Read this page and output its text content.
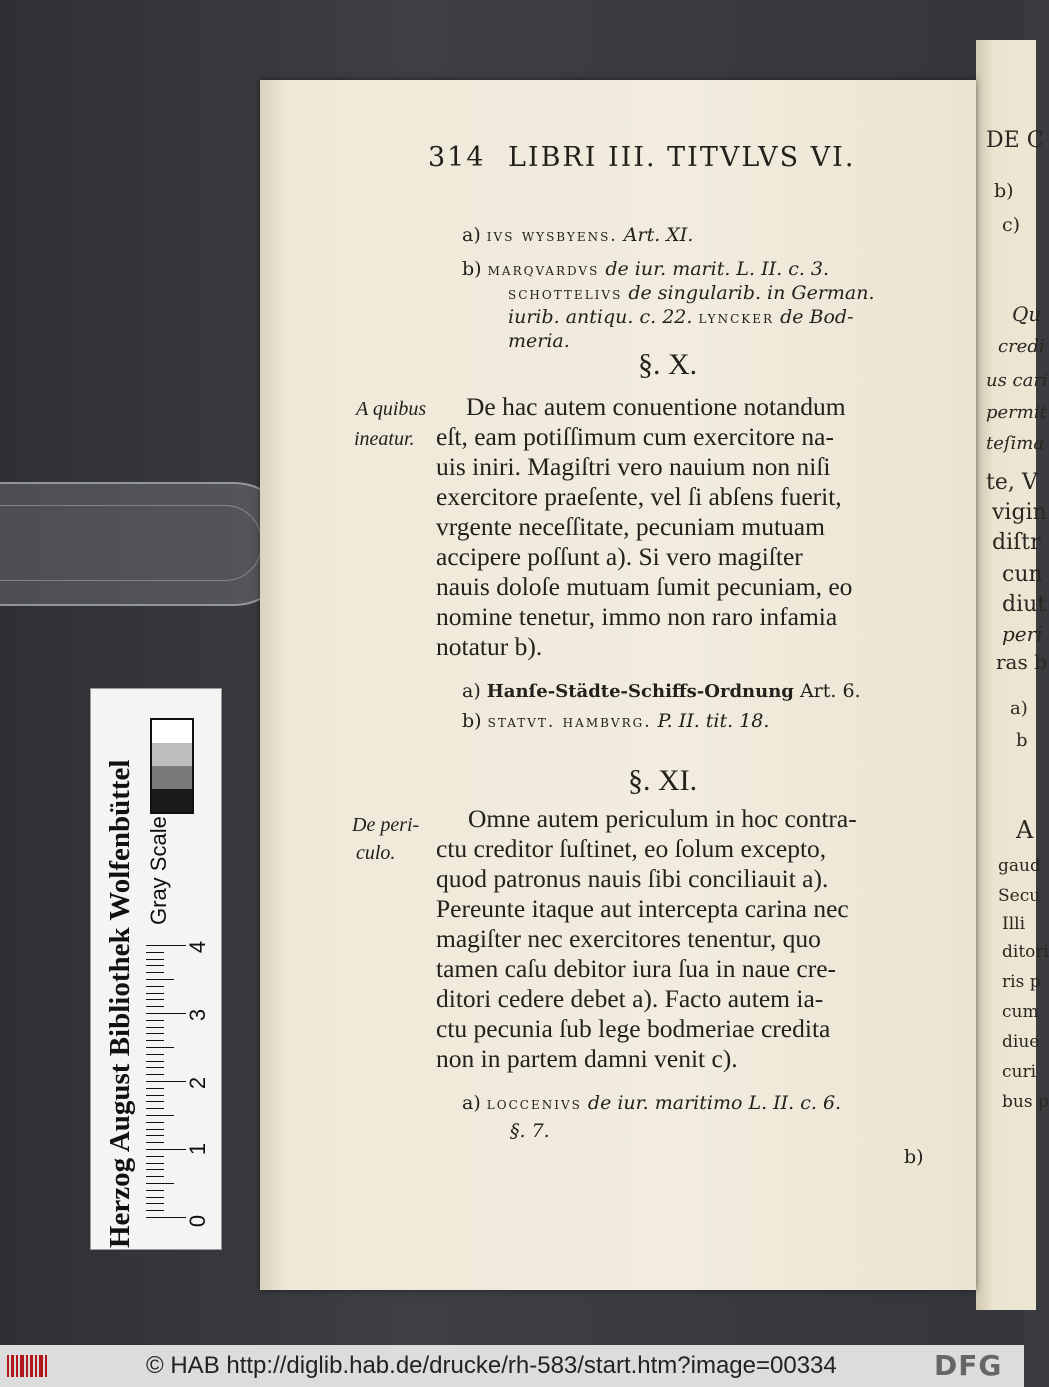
DE C
b)
c)
Qu
credi
us cari
permit
teſima
te, V
vigin
diſtr
cun
diut
peri
ras b
a)
b
A
gaud
Secu
Illi
ditori
ris p
cum
diue
curi
bus p
314 LIBRI III. TITVLVS VI.
a) ivs wysbyens. Art. XI.
b) marqvardvs de iur. marit. L. II. c. 3.
schottelivs de singularib. in German.
iurib. antiqu. c. 22. lyncker de Bod-
meria.
§. X.
A quibus
ineatur.
De hac autem conuentione notandum
eſt, eam potiſſimum cum exercitore na-
uis iniri. Magiſtri vero nauium non niſi
exercitore praeſente, vel ſi abſens fuerit,
vrgente neceſſitate, pecuniam mutuam
accipere poſſunt a). Si vero magiſter
nauis doloſe mutuam ſumit pecuniam, eo
nomine tenetur, immo non raro infamia
notatur b).
a) Hanſe-Städte-Schiffs-Ordnung Art. 6.
b) statvt. hambvrg. P. II. tit. 18.
§. XI.
De peri-
culo.
Omne autem periculum in hoc contra-
ctu creditor ſuſtinet, eo ſolum excepto,
quod patronus nauis ſibi conciliauit a).
Pereunte itaque aut intercepta carina nec
magiſter nec exercitores tenentur, quo
tamen caſu debitor iura ſua in naue cre-
ditori cedere debet a). Facto autem ia-
ctu pecunia ſub lege bodmeriae credita
non in partem damni venit c).
a) loccenivs de iur. maritimo L. II. c. 6.
§. 7.
b)
Herzog August Bibliothek Wolfenbüttel Gray Scale
0
1
2
3
4
© HAB http://diglib.hab.de/drucke/rh-583/start.htm?image=00334	DFG
